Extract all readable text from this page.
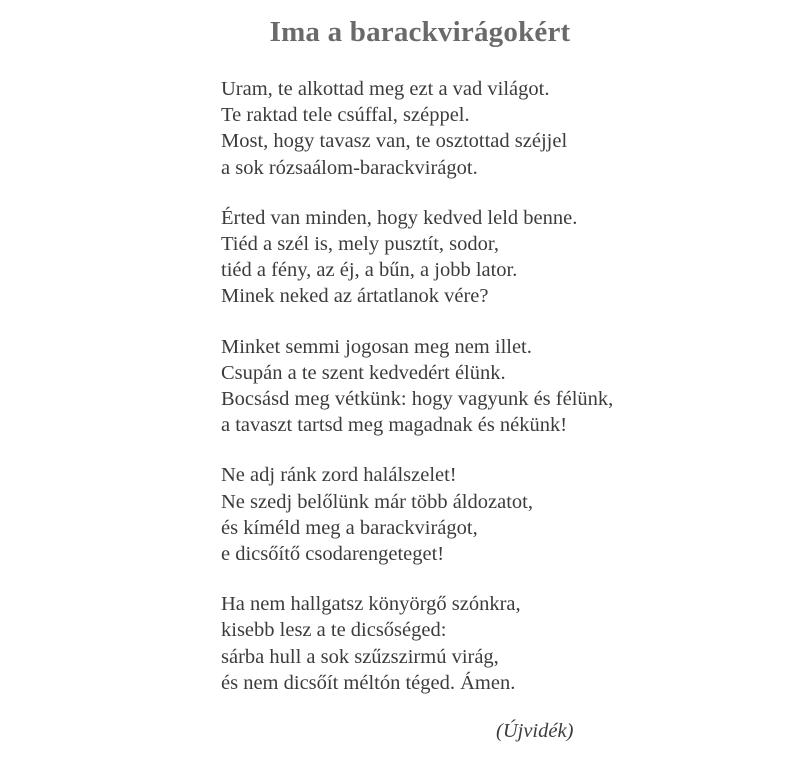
Ima a barackvirágokért
Uram, te alkottad meg ezt a vad világot.
Te raktad tele csúffal, széppel.
Most, hogy tavasz van, te osztottad széjjel
a sok rózsaálom-barackvirágot.
Érted van minden, hogy kedved leld benne.
Tiéd a szél is, mely pusztít, sodor,
tiéd a fény, az éj, a bűn, a jobb lator.
Minek neked az ártatlanok vére?
Minket semmi jogosan meg nem illet.
Csupán a te szent kedvedért élünk.
Bocsásd meg vétkünk: hogy vagyunk és félünk,
a tavaszt tartsd meg magadnak és nékünk!
Ne adj ránk zord halálszelet!
Ne szedj belőlünk már több áldozatot,
és kíméld meg a barackvirágot,
e dicsőítő csodarengeteget!
Ha nem hallgatsz könyörgő szónkra,
kisebb lesz a te dicsőséged:
sárba hull a sok szűzszirmú virág,
és nem dicsőít méltón téged. Ámen.
(Újvidék)
